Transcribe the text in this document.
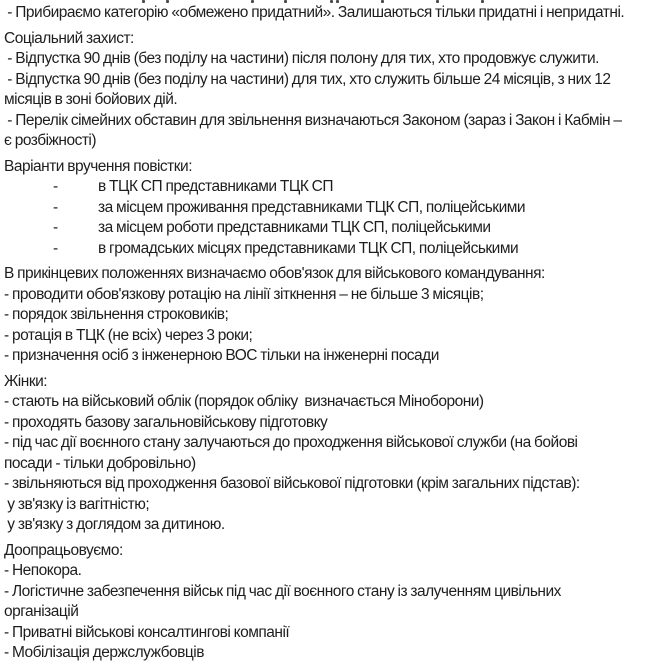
- Прибираємо категорію «обмежено придатний». Залишаються тільки придатні і непридатні.

Соціальний захист:
- Відпустка 90 днів (без поділу на частини) після полону для тих, хто продовжує служити.
- Відпустка 90 днів (без поділу на частини) для тих, хто служить більше 24 місяців, з них 12
місяців в зоні бойових дій.
- Перелік сімейних обставин для звільнення визначаються Законом (зараз і Закон і Кабмін –
є розбіжності)

Варіанти вручення повістки:
-	в ТЦК СП представниками ТЦК СП
-	за місцем проживання представниками ТЦК СП, поліцейськими
-	за місцем роботи представниками ТЦК СП, поліцейськими
-	в громадських місцях представниками ТЦК СП, поліцейськими

В прикінцевих положеннях визначаємо обов'язок для військового командування:
- проводити обов'язкову ротацію на лінії зіткнення – не більше 3 місяців;
- порядок звільнення строковиків;
- ротація в ТЦК (не всіх) через 3 роки;
- призначення осіб з інженерною ВОС тільки на інженерні посади

Жінки:
- стають на військовий облік (порядок обліку  визначається Міноборони)
- проходять базову загальновійськову підготовку
- під час дії воєнного стану залучаються до проходження військової служби (на бойові
посади - тільки добровільно)
- звільняються від проходження базової військової підготовки (крім загальних підстав):
у зв'язку із вагітністю;
у зв'язку з доглядом за дитиною.

Доопрацьовуємо:
- Непокора.
- Логістичне забезпечення військ під час дії воєнного стану із залученням цивільних
організацій
- Приватні військові консалтингові компанії
- Мобілізація держслужбовців
